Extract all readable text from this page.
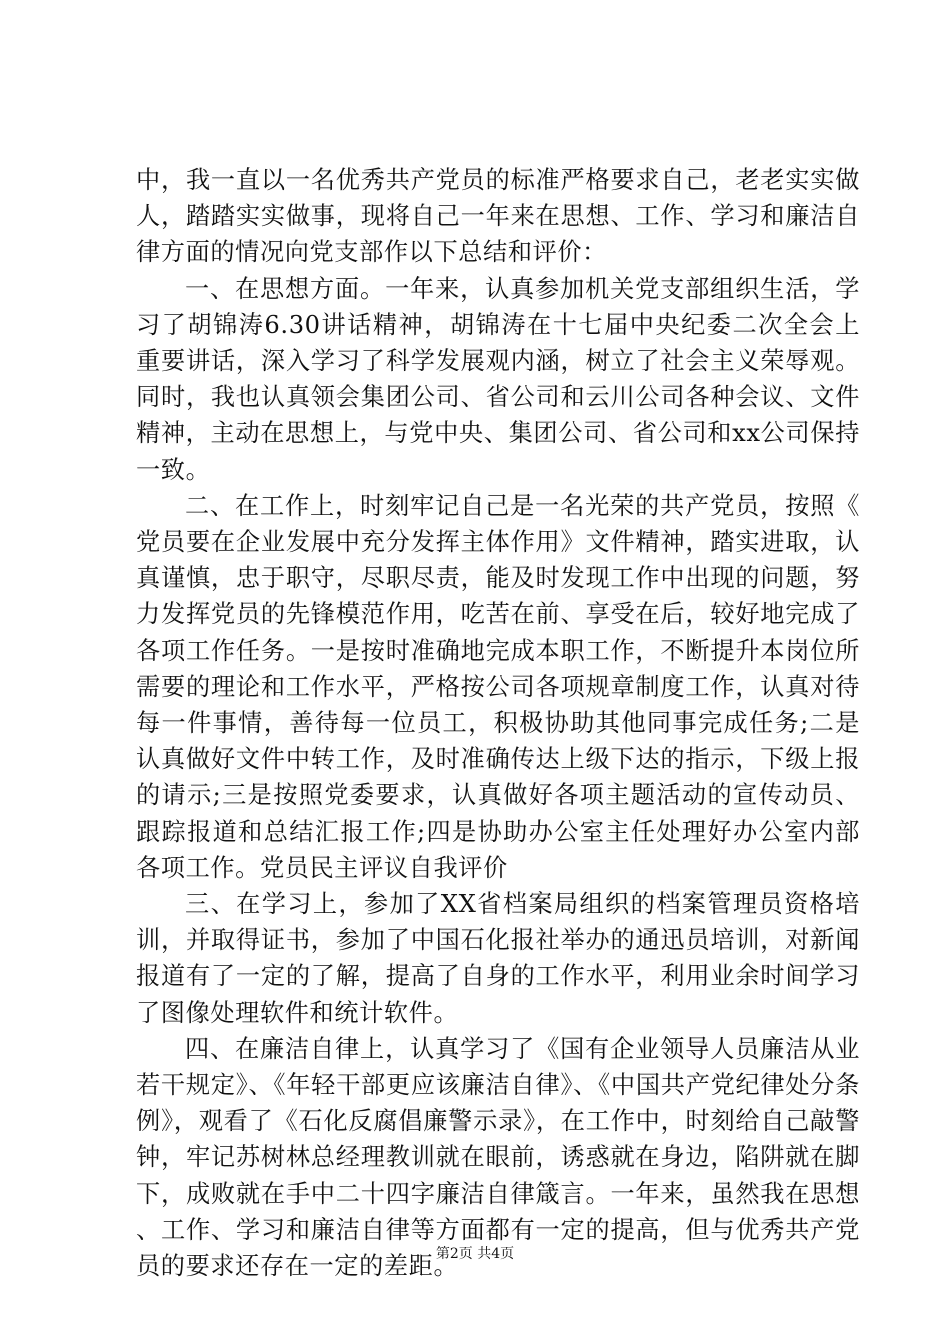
中，我一直以一名优秀共产党员的标准严格要求自己，老老实实做人，踏踏实实做事，现将自己一年来在思想、工作、学习和廉洁自律方面的情况向党支部作以下总结和评价：

一、在思想方面。一年来，认真参加机关党支部组织生活，学习了胡锦涛6.30讲话精神，胡锦涛在十七届中央纪委二次全会上重要讲话，深入学习了科学发展观内涵，树立了社会主义荣辱观。同时，我也认真领会集团公司、省公司和云川公司各种会议、文件精神，主动在思想上，与党中央、集团公司、省公司和xx公司保持一致。

二、在工作上，时刻牢记自己是一名光荣的共产党员，按照《党员要在企业发展中充分发挥主体作用》文件精神，踏实进取，认真谨慎，忠于职守，尽职尽责，能及时发现工作中出现的问题，努力发挥党员的先锋模范作用，吃苦在前、享受在后，较好地完成了各项工作任务。一是按时准确地完成本职工作，不断提升本岗位所需要的理论和工作水平，严格按公司各项规章制度工作，认真对待每一件事情，善待每一位员工，积极协助其他同事完成任务;二是认真做好文件中转工作，及时准确传达上级下达的指示，下级上报的请示;三是按照党委要求，认真做好各项主题活动的宣传动员、跟踪报道和总结汇报工作;四是协助办公室主任处理好办公室内部各项工作。党员民主评议自我评价

三、在学习上，参加了XX省档案局组织的档案管理员资格培训，并取得证书，参加了中国石化报社举办的通迅员培训，对新闻报道有了一定的了解，提高了自身的工作水平，利用业余时间学习了图像处理软件和统计软件。

四、在廉洁自律上，认真学习了《国有企业领导人员廉洁从业若干规定》、《年轻干部更应该廉洁自律》、《中国共产党纪律处分条例》，观看了《石化反腐倡廉警示录》，在工作中，时刻给自己敲警钟，牢记苏树林总经理教训就在眼前，诱惑就在身边，陷阱就在脚下，成败就在手中二十四字廉洁自律箴言。一年来，虽然我在思想、工作、学习和廉洁自律等方面都有一定的提高，但与优秀共产党员的要求还存在一定的差距。

第2页 共4页
